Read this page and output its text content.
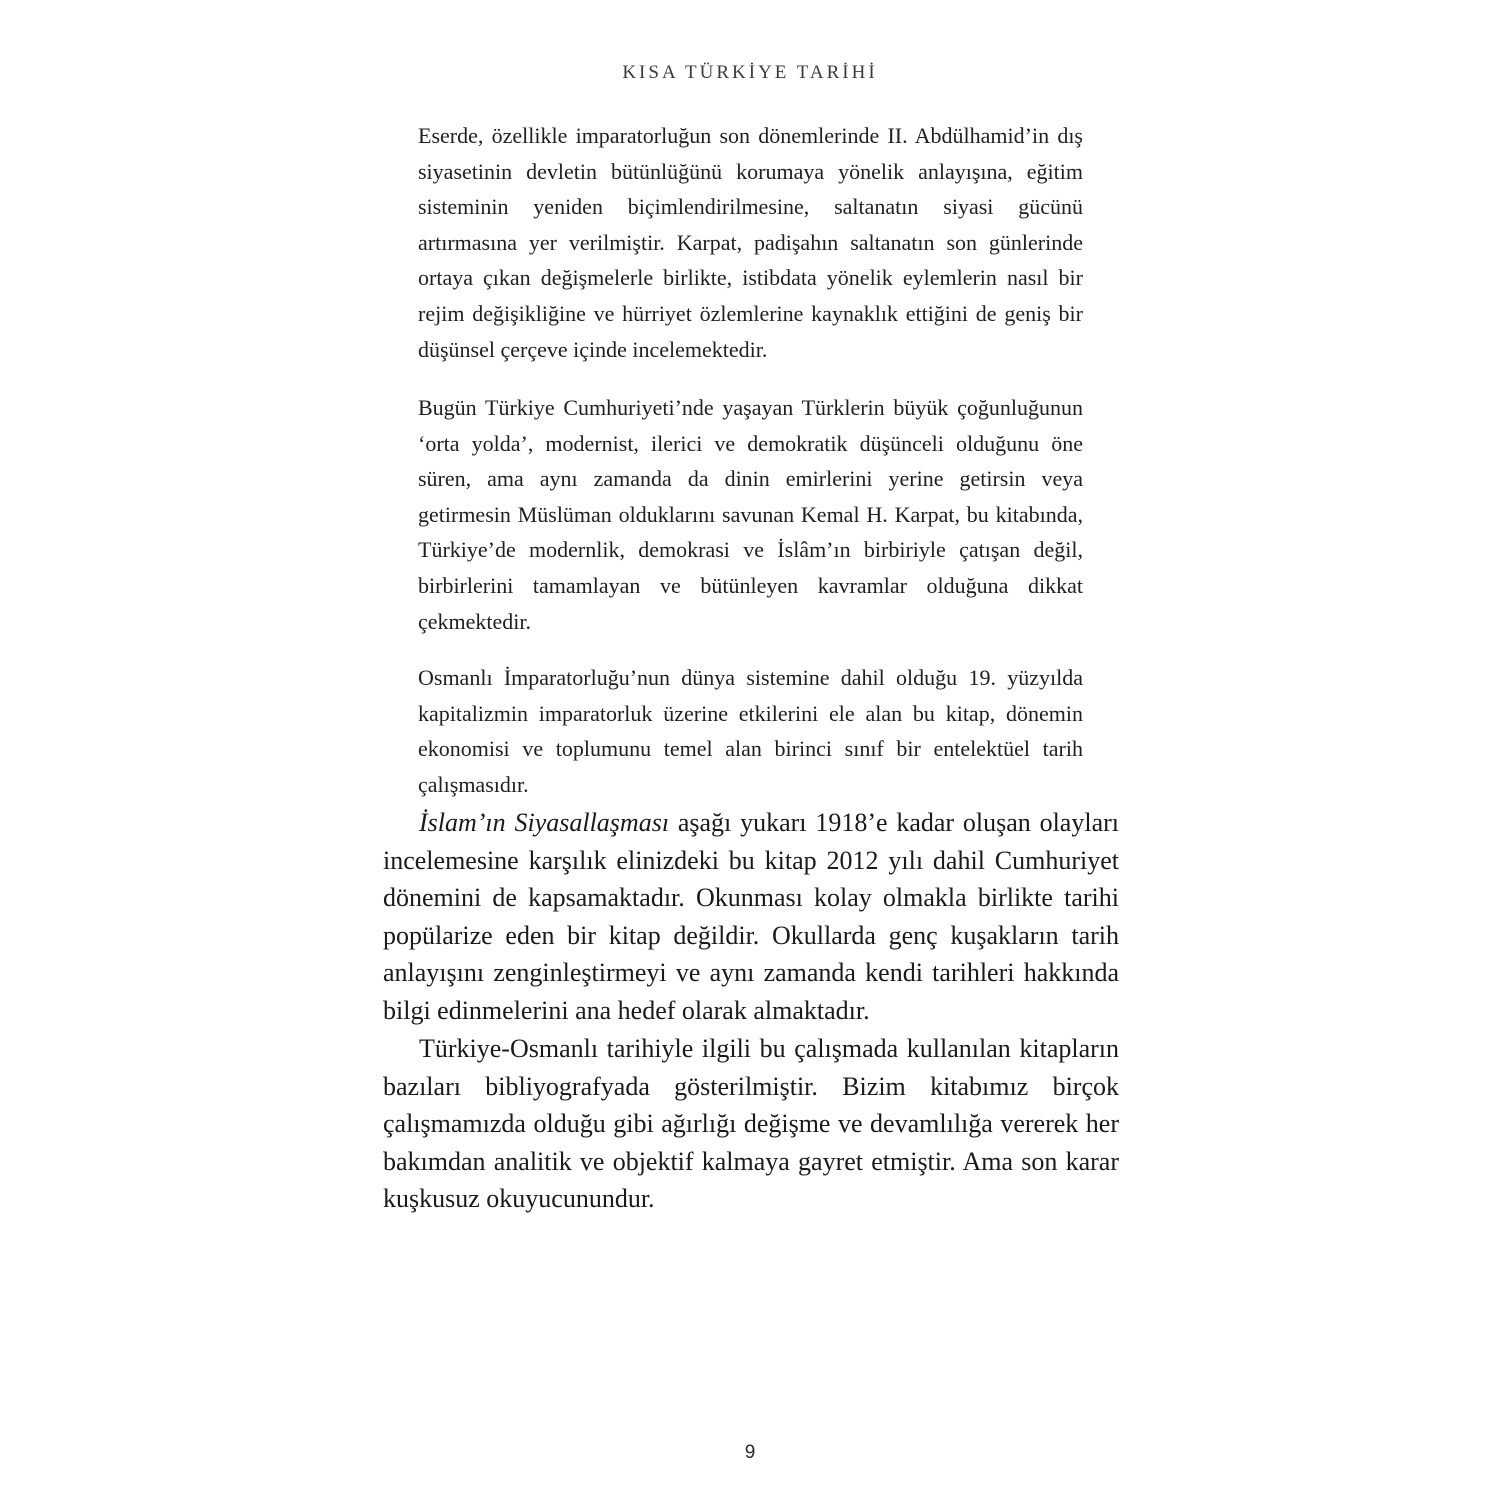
KISA TÜRKİYE TARİHİ

Eserde, özellikle imparatorluğun son dönemlerinde II. Abdülhamid’in dış siyasetinin devletin bütünlüğünü korumaya yönelik anlayışına, eğitim sisteminin yeniden biçimlendirilmesine, saltanatın siyasi gücünü artırmasına yer verilmiştir. Karpat, padişahın saltanatın son günlerinde ortaya çıkan değişmelerle birlikte, istibdata yönelik eylemlerin nasıl bir rejim değişikliğine ve hürriyet özlemlerine kaynaklık ettiğini de geniş bir düşünsel çerçeve içinde incelemektedir.

Bugün Türkiye Cumhuriyeti’nde yaşayan Türklerin büyük çoğunluğunun ‘orta yolda’, modernist, ilerici ve demokratik düşünceli olduğunu öne süren, ama aynı zamanda da dinin emirlerini yerine getirsin veya getirmesin Müslüman olduklarını savunan Kemal H. Karpat, bu kitabında, Türkiye’de modernlik, demokrasi ve İslâm’ın birbiriyle çatışan değil, birbirlerini tamamlayan ve bütünleyen kavramlar olduğuna dikkat çekmektedir.

Osmanlı İmparatorluğu’nun dünya sistemine dahil olduğu 19. yüzyılda kapitalizmin imparatorluk üzerine etkilerini ele alan bu kitap, dönemin ekonomisi ve toplumunu temel alan birinci sınıf bir entelektüel tarih çalışmasıdır.

İslam’ın Siyasallaşması aşağı yukarı 1918’e kadar oluşan olayları incelemesine karşılık elinizdeki bu kitap 2012 yılı dahil Cumhuriyet dönemini de kapsamaktadır. Okunması kolay olmakla birlikte tarihi popülarize eden bir kitap değildir. Okullarda genç kuşakların tarih anlayışını zenginleştirmeyi ve aynı zamanda kendi tarihleri hakkında bilgi edinmelerini ana hedef olarak almaktadır.

Türkiye-Osmanlı tarihiyle ilgili bu çalışmada kullanılan kitapların bazıları bibliyografyada gösterilmiştir. Bizim kitabımız birçok çalışmamızda olduğu gibi ağırlığı değişme ve devamlılığa vererek her bakımdan analitik ve objektif kalmaya gayret etmiştir. Ama son karar kuşkusuz okuyucunundur.

9
